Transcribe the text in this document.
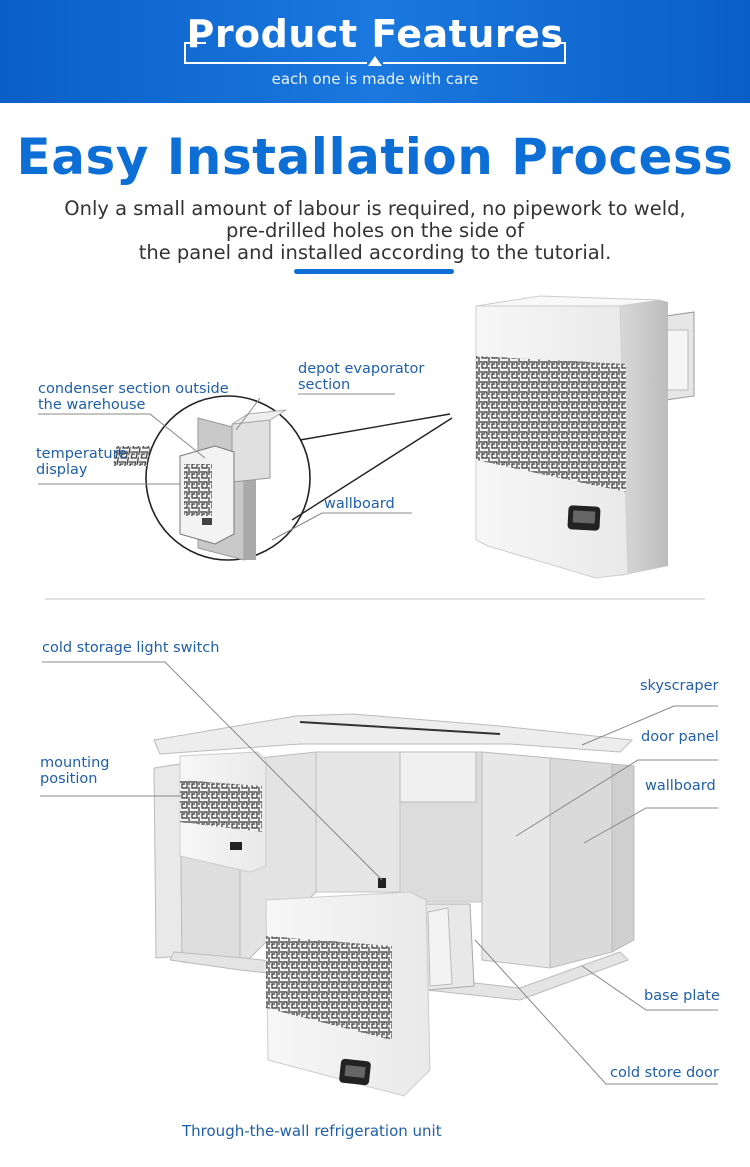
Product Features
each one is made with care
Easy Installation Process
Only a small amount of labour is required, no pipework to weld,
pre-drilled holes on the side of
the panel and installed according to the tutorial.
condenser section outside
the warehouse
temperature
display
depot evaporator
section
wallboard
cold storage light switch
mounting
position
skyscraper
door panel
wallboard
base plate
cold store door
Through-the-wall refrigeration unit
